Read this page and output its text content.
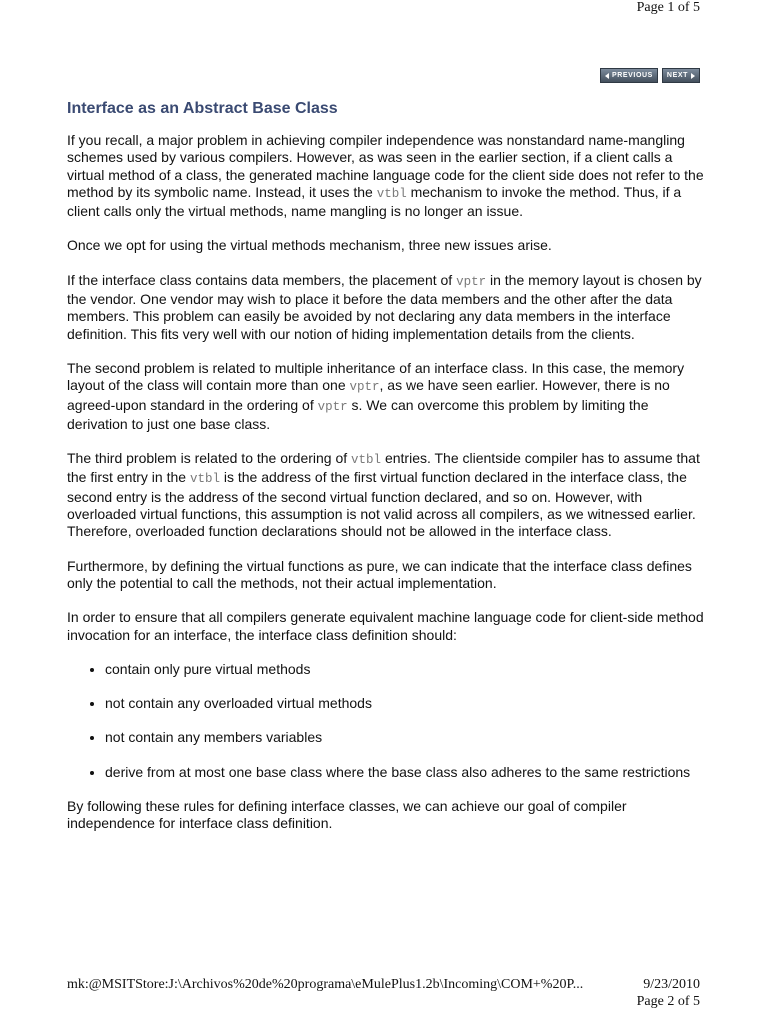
Page 1 of 5
PREVIOUS NEXT
Interface as an Abstract Base Class

If you recall, a major problem in achieving compiler independence was nonstandard name-mangling schemes used by various compilers. However, as was seen in the earlier section, if a client calls a virtual method of a class, the generated machine language code for the client side does not refer to the method by its symbolic name. Instead, it uses the vtbl mechanism to invoke the method. Thus, if a client calls only the virtual methods, name mangling is no longer an issue.

Once we opt for using the virtual methods mechanism, three new issues arise.

If the interface class contains data members, the placement of vptr in the memory layout is chosen by the vendor. One vendor may wish to place it before the data members and the other after the data members. This problem can easily be avoided by not declaring any data members in the interface definition. This fits very well with our notion of hiding implementation details from the clients.

The second problem is related to multiple inheritance of an interface class. In this case, the memory layout of the class will contain more than one vptr, as we have seen earlier. However, there is no agreed-upon standard in the ordering of vptr s. We can overcome this problem by limiting the derivation to just one base class.

The third problem is related to the ordering of vtbl entries. The clientside compiler has to assume that the first entry in the vtbl is the address of the first virtual function declared in the interface class, the second entry is the address of the second virtual function declared, and so on. However, with overloaded virtual functions, this assumption is not valid across all compilers, as we witnessed earlier. Therefore, overloaded function declarations should not be allowed in the interface class.

Furthermore, by defining the virtual functions as pure, we can indicate that the interface class defines only the potential to call the methods, not their actual implementation.

In order to ensure that all compilers generate equivalent machine language code for client-side method invocation for an interface, the interface class definition should:

• contain only pure virtual methods
• not contain any overloaded virtual methods
• not contain any members variables
• derive from at most one base class where the base class also adheres to the same restrictions

By following these rules for defining interface classes, we can achieve our goal of compiler independence for interface class definition.

mk:@MSITStore:J:\Archivos%20de%20programa\eMulePlus1.2b\Incoming\COM+%20P...	9/23/2010
Page 2 of 5
